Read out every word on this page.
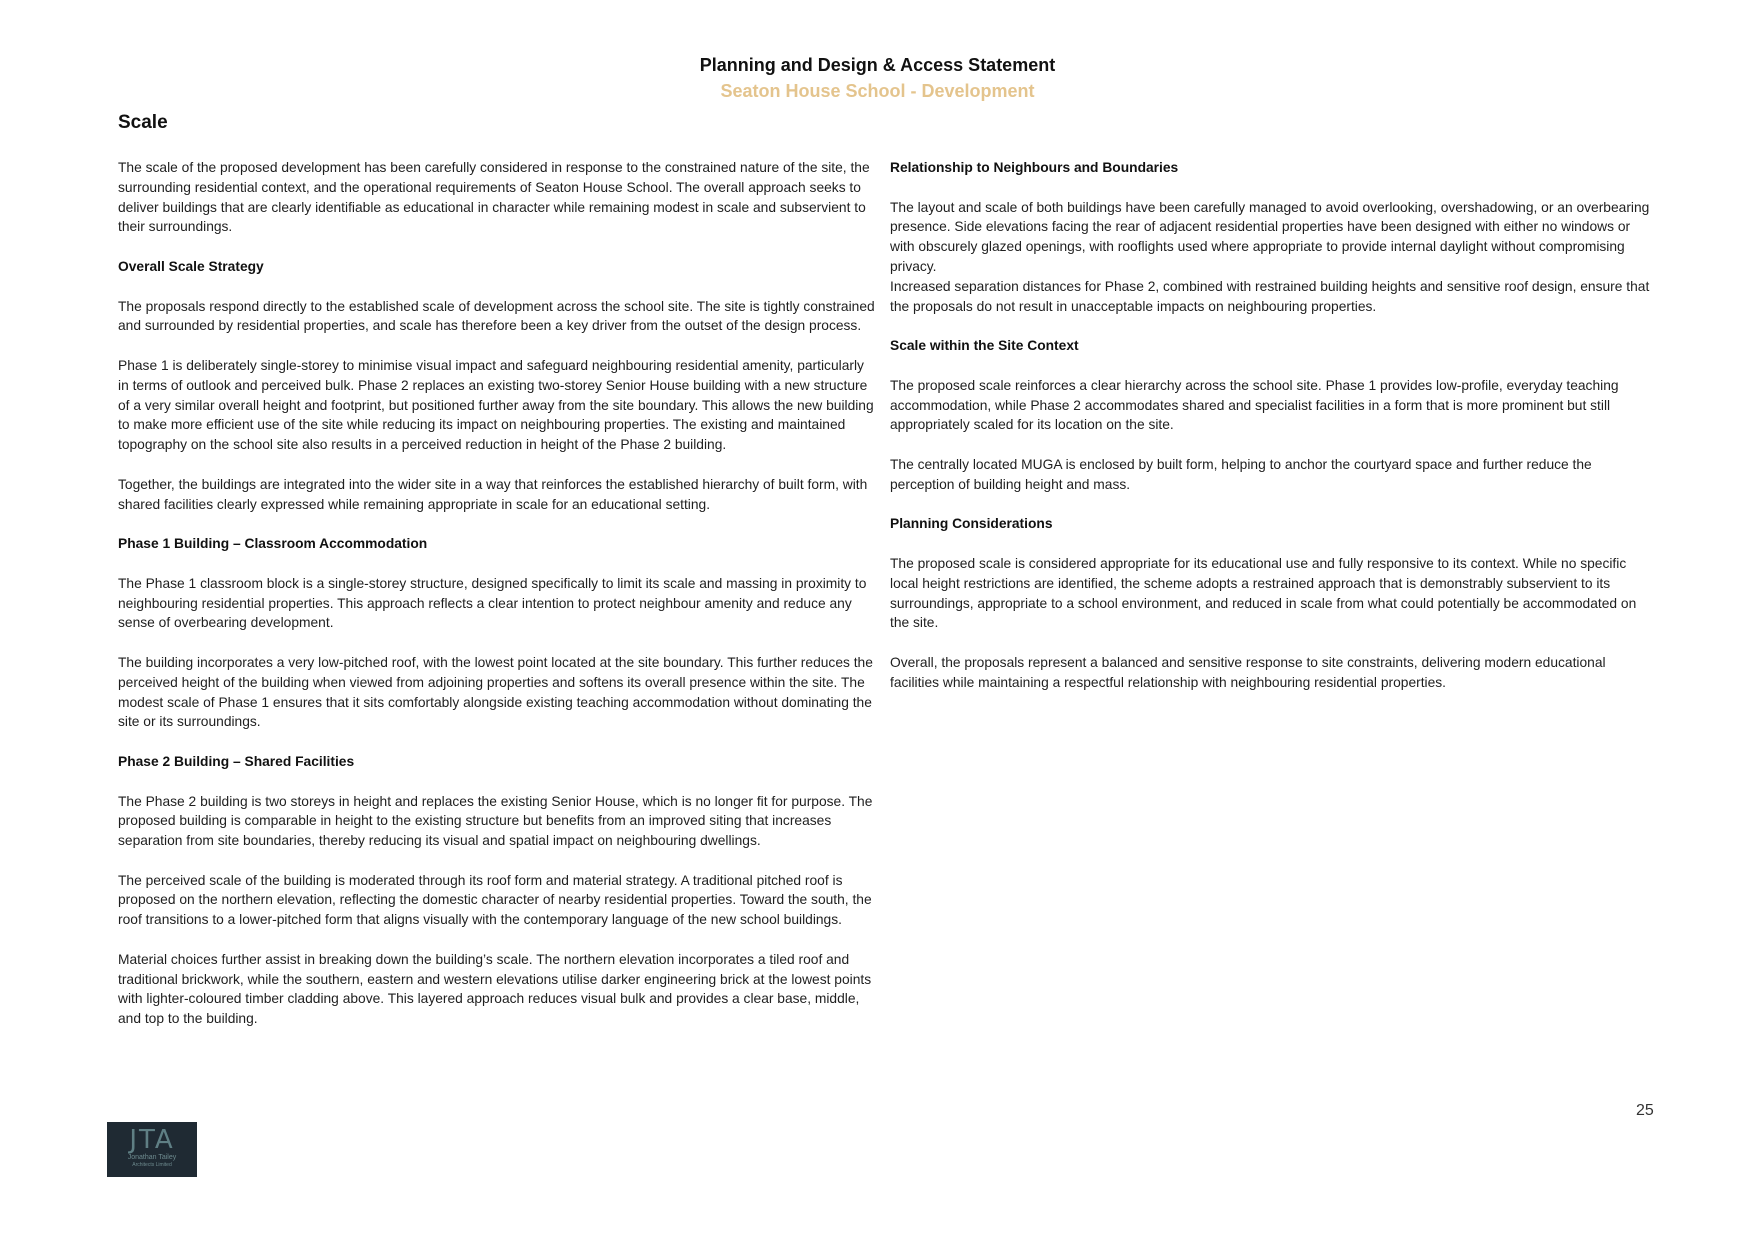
Planning and Design & Access Statement
Seaton House School - Development
Scale

The scale of the proposed development has been carefully considered in response to the constrained nature of the site, the surrounding residential context, and the operational requirements of Seaton House School. The overall approach seeks to deliver buildings that are clearly identifiable as educational in character while remaining modest in scale and subservient to their surroundings.

Overall Scale Strategy

The proposals respond directly to the established scale of development across the school site. The site is tightly constrained and surrounded by residential properties, and scale has therefore been a key driver from the outset of the design process.

Phase 1 is deliberately single-storey to minimise visual impact and safeguard neighbouring residential amenity, particularly in terms of outlook and perceived bulk. Phase 2 replaces an existing two-storey Senior House building with a new structure of a very similar overall height and footprint, but positioned further away from the site boundary. This allows the new building to make more efficient use of the site while reducing its impact on neighbouring properties. The existing and maintained topography on the school site also results in a perceived reduction in height of the Phase 2 building.

Together, the buildings are integrated into the wider site in a way that reinforces the established hierarchy of built form, with shared facilities clearly expressed while remaining appropriate in scale for an educational setting.

Phase 1 Building – Classroom Accommodation

The Phase 1 classroom block is a single-storey structure, designed specifically to limit its scale and massing in proximity to neighbouring residential properties. This approach reflects a clear intention to protect neighbour amenity and reduce any sense of overbearing development.

The building incorporates a very low-pitched roof, with the lowest point located at the site boundary. This further reduces the perceived height of the building when viewed from adjoining properties and softens its overall presence within the site. The modest scale of Phase 1 ensures that it sits comfortably alongside existing teaching accommodation without dominating the site or its surroundings.

Phase 2 Building – Shared Facilities

The Phase 2 building is two storeys in height and replaces the existing Senior House, which is no longer fit for purpose. The proposed building is comparable in height to the existing structure but benefits from an improved siting that increases separation from site boundaries, thereby reducing its visual and spatial impact on neighbouring dwellings.

The perceived scale of the building is moderated through its roof form and material strategy. A traditional pitched roof is proposed on the northern elevation, reflecting the domestic character of nearby residential properties. Toward the south, the roof transitions to a lower-pitched form that aligns visually with the contemporary language of the new school buildings.

Material choices further assist in breaking down the building’s scale. The northern elevation incorporates a tiled roof and traditional brickwork, while the southern, eastern and western elevations utilise darker engineering brick at the lowest points with lighter-coloured timber cladding above. This layered approach reduces visual bulk and provides a clear base, middle, and top to the building.

Relationship to Neighbours and Boundaries

The layout and scale of both buildings have been carefully managed to avoid overlooking, overshadowing, or an overbearing presence. Side elevations facing the rear of adjacent residential properties have been designed with either no windows or with obscurely glazed openings, with rooflights used where appropriate to provide internal daylight without compromising privacy.

Increased separation distances for Phase 2, combined with restrained building heights and sensitive roof design, ensure that the proposals do not result in unacceptable impacts on neighbouring properties.

Scale within the Site Context

The proposed scale reinforces a clear hierarchy across the school site. Phase 1 provides low-profile, everyday teaching accommodation, while Phase 2 accommodates shared and specialist facilities in a form that is more prominent but still appropriately scaled for its location on the site.

The centrally located MUGA is enclosed by built form, helping to anchor the courtyard space and further reduce the perception of building height and mass.

Planning Considerations

The proposed scale is considered appropriate for its educational use and fully responsive to its context. While no specific local height restrictions are identified, the scheme adopts a restrained approach that is demonstrably subservient to its surroundings, appropriate to a school environment, and reduced in scale from what could potentially be accommodated on the site.

Overall, the proposals represent a balanced and sensitive response to site constraints, delivering modern educational facilities while maintaining a respectful relationship with neighbouring residential properties.

25
JTA
Jonathan Tailey
Architects Limited
